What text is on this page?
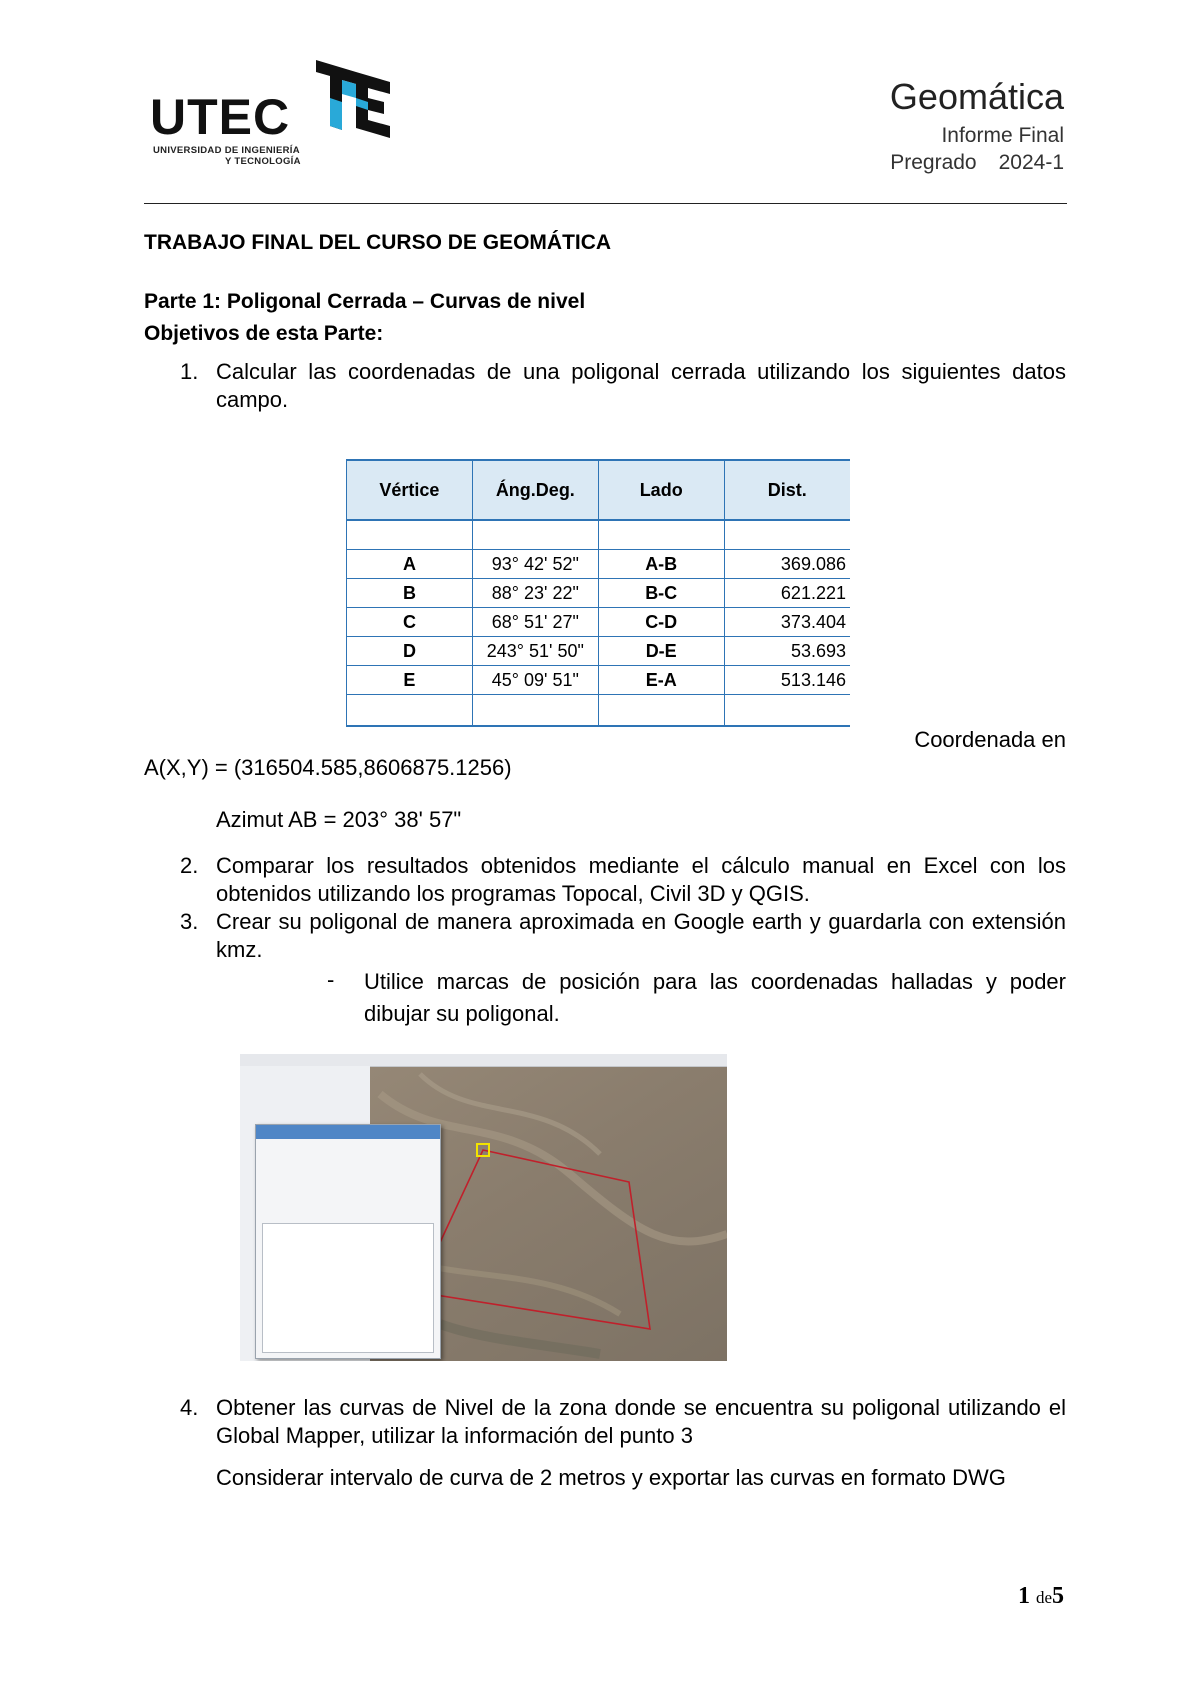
UTEC
UNIVERSIDAD DE INGENIERÍA
Y TECNOLOGÍA
Geomática
Informe Final
Pregrado 2024-1
TRABAJO FINAL DEL CURSO DE GEOMÁTICA
Parte 1: Poligonal Cerrada – Curvas de nivel
Objetivos de esta Parte:
1. Calcular las coordenadas de una poligonal cerrada utilizando los siguientes datos campo.
Vértice	Áng.Deg.	Lado	Dist.

A	93° 42' 52"	A-B	369.086
B	88° 23' 22"	B-C	621.221
C	68° 51' 27"	C-D	373.404
D	243° 51' 50"	D-E	53.693
E	45° 09' 51"	E-A	513.146

Coordenada en
A(X,Y) = (316504.585,8606875.1256)
Azimut AB = 203° 38' 57"
2. Comparar los resultados obtenidos mediante el cálculo manual en Excel con los obtenidos utilizando los programas Topocal, Civil 3D y QGIS.
3. Crear su poligonal de manera aproximada en Google earth y guardarla con extensión kmz.
- Utilice marcas de posición para las coordenadas halladas y poder dibujar su poligonal.
4. Obtener las curvas de Nivel de la zona donde se encuentra su poligonal utilizando el Global Mapper, utilizar la información del punto 3
Considerar intervalo de curva de 2 metros y exportar las curvas en formato DWG
1 de5
